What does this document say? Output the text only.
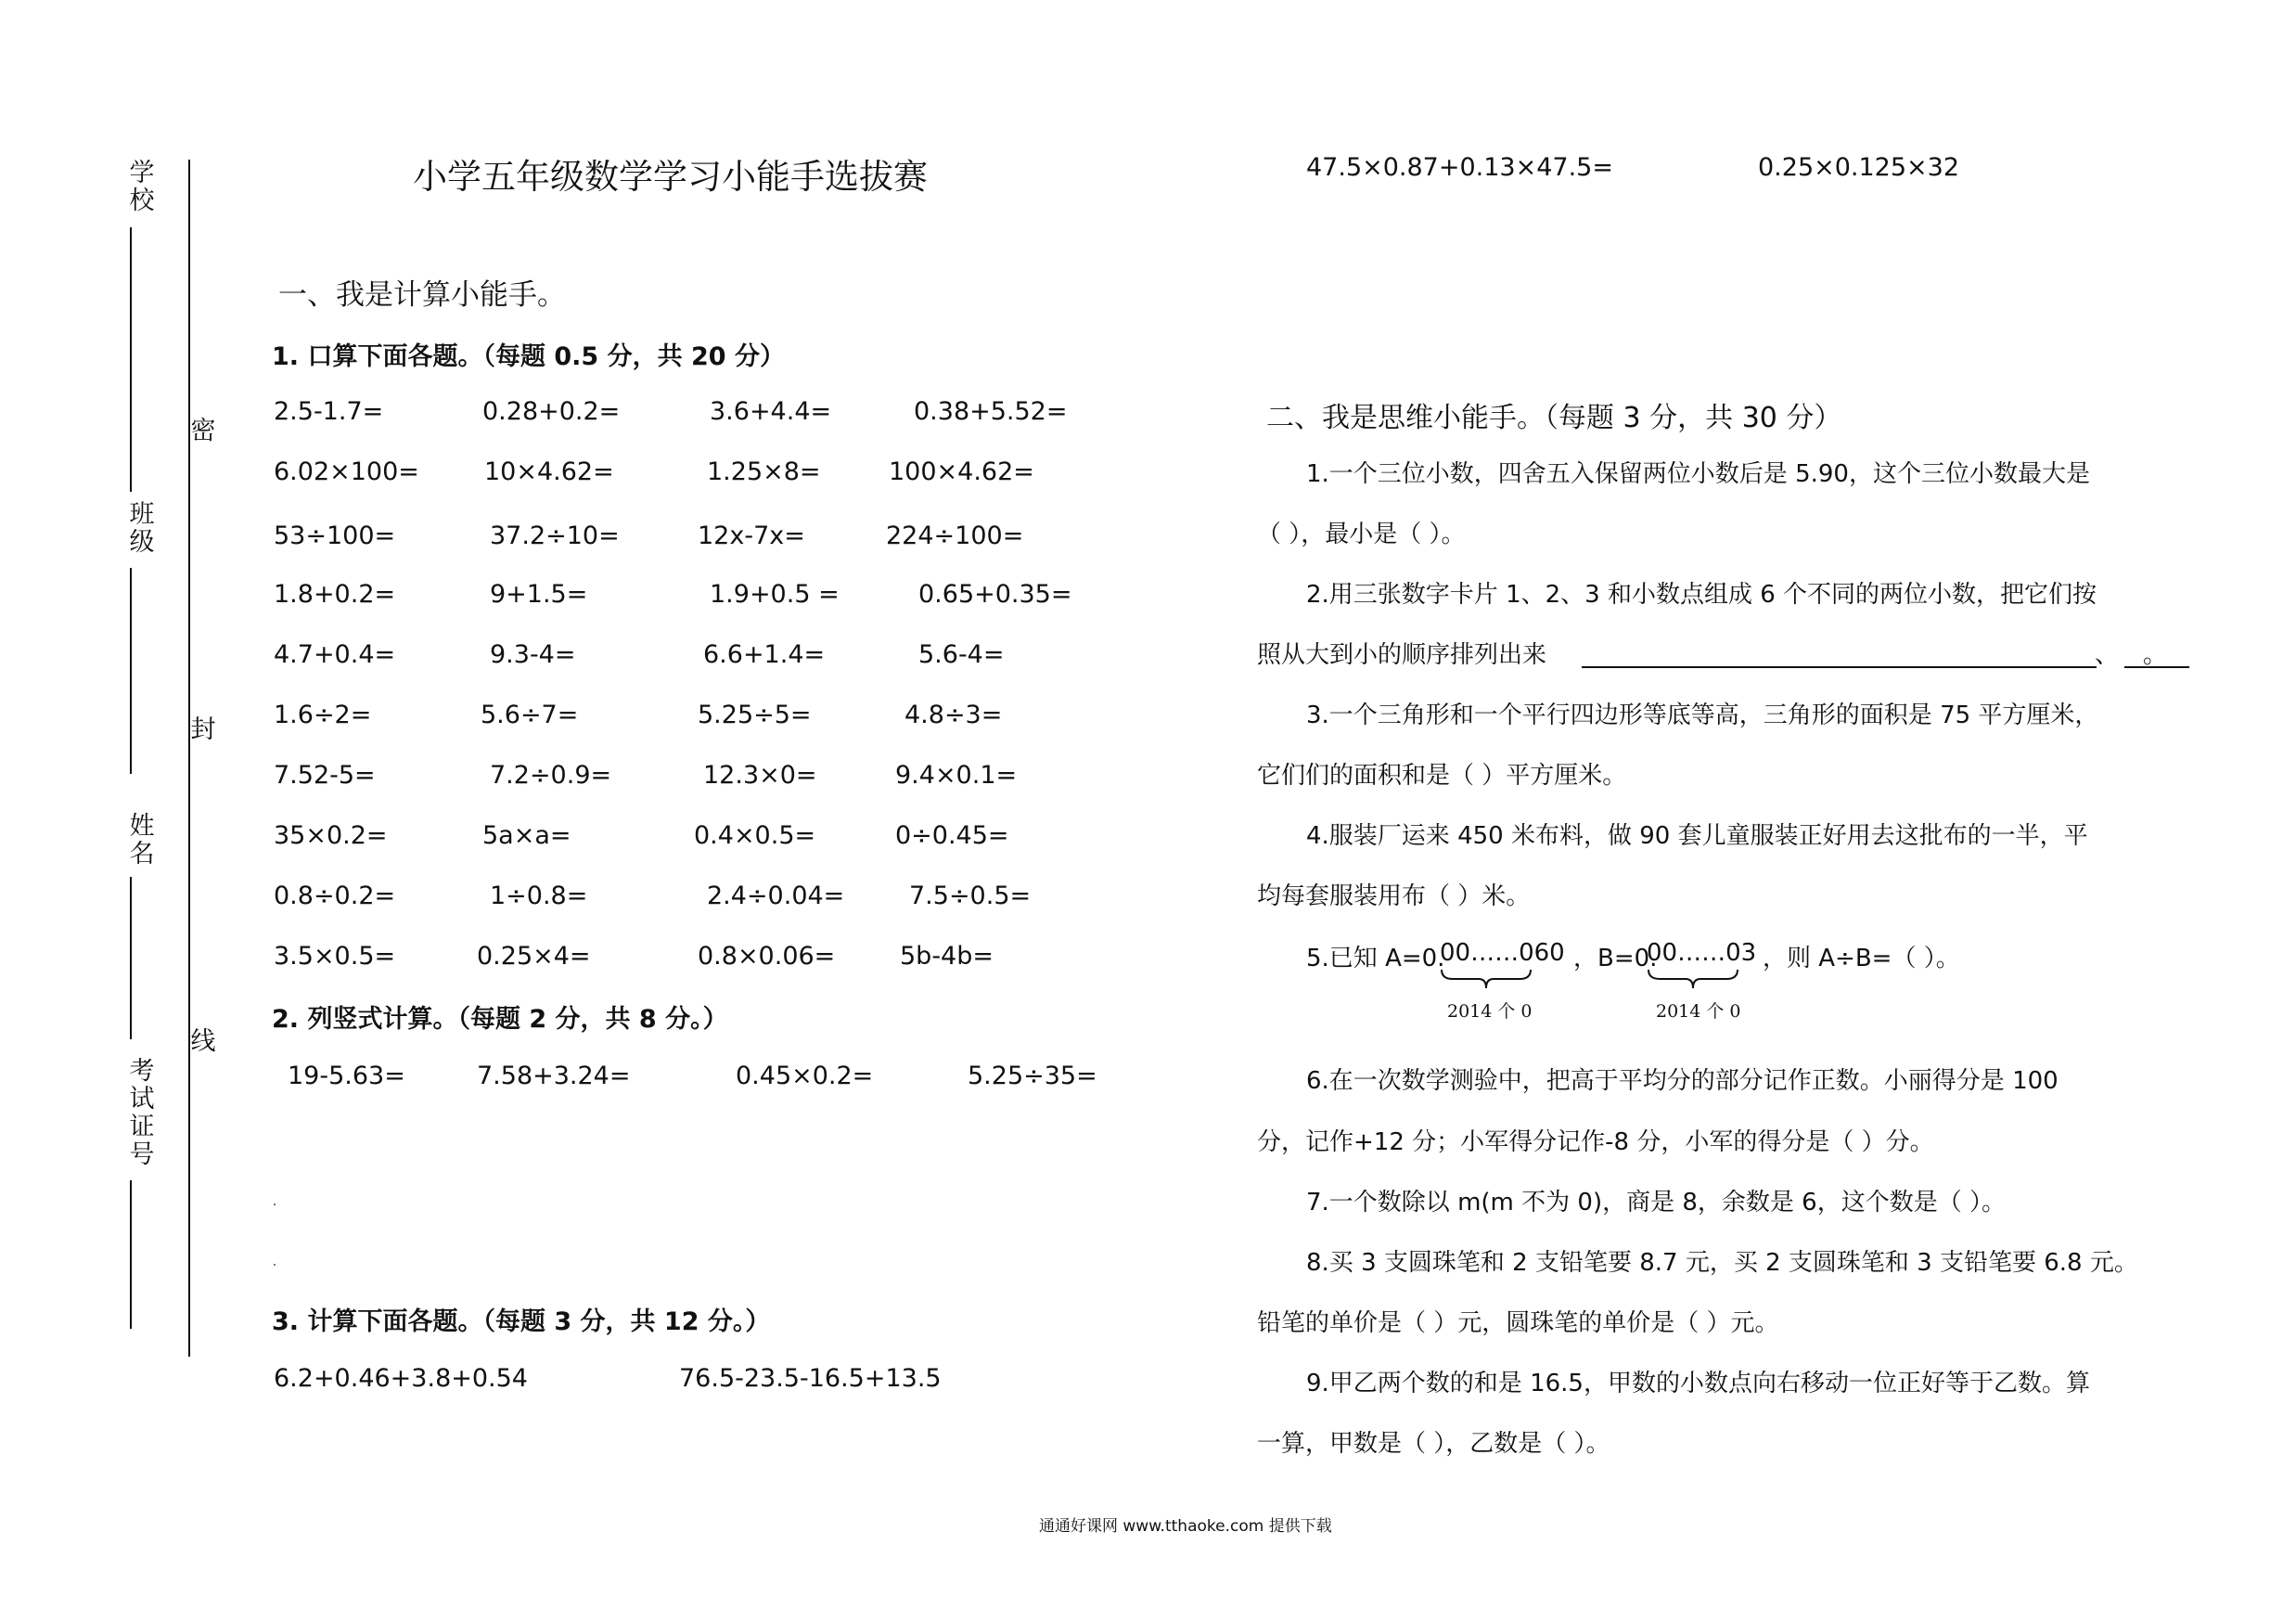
学校
班级
姓名
考试证号
密
封
线
小学五年级数学学习小能手选拔赛
一、我是计算小能手。
1. 口算下面各题。（每题 0.5 分，共 20 分）
2.5-1.7=	0.28+0.2=	3.6+4.4=	0.38+5.52=
6.02×100=	10×4.62=	1.25×8=	100×4.62=
53÷100=	37.2÷10=	12x-7x=	224÷100=
1.8+0.2=	9+1.5=	1.9+0.5 =	0.65+0.35=
4.7+0.4=	9.3-4=	6.6+1.4=	5.6-4=
1.6÷2=	5.6÷7=	5.25÷5=	4.8÷3=
7.52-5=	7.2÷0.9=	12.3×0=	9.4×0.1=
35×0.2=	5a×a=	0.4×0.5=	0÷0.45=
0.8÷0.2=	1÷0.8=	2.4÷0.04=	7.5÷0.5=
3.5×0.5=	0.25×4=	0.8×0.06=	5b-4b=
2. 列竖式计算。（每题 2 分，共 8 分。）
19-5.63=	7.58+3.24=	0.45×0.2=	5.25÷35=
3. 计算下面各题。（每题 3 分，共 12 分。）
6.2+0.46+3.8+0.54	76.5-23.5-16.5+13.5
47.5×0.87+0.13×47.5=	0.25×0.125×32
二、我是思维小能手。（每题 3 分，共 30 分）
1.一个三位小数，四舍五入保留两位小数后是 5.90，这个三位小数最大是
（ ），最小是（ ）。
2.用三张数字卡片 1、2、3 和小数点组成 6 个不同的两位小数，把它们按
照从大到小的顺序排列出来	、 。
3.一个三角形和一个平行四边形等底等高，三角形的面积是 75 平方厘米，
它们们的面积和是（ ）平方厘米。
4.服装厂运来 450 米布料，做 90 套儿童服装正好用去这批布的一半，平
均每套服装用布（ ）米。
5.已知 A=0.
00……060 ，B=0.
00……03 ，则 A÷B=（ ）。
2014 个 0	2014 个 0
6.在一次数学测验中，把高于平均分的部分记作正数。小丽得分是 100
分，记作+12 分；小军得分记作-8 分，小军的得分是（ ）分。
7.一个数除以 m(m 不为 0)，商是 8，余数是 6，这个数是（ ）。
8.买 3 支圆珠笔和 2 支铅笔要 8.7 元，买 2 支圆珠笔和 3 支铅笔要 6.8 元。
铅笔的单价是（ ）元，圆珠笔的单价是（ ）元。
9.甲乙两个数的和是 16.5，甲数的小数点向右移动一位正好等于乙数。算
一算，甲数是（ ），乙数是（ ）。
通通好课网 www.tthaoke.com 提供下载
